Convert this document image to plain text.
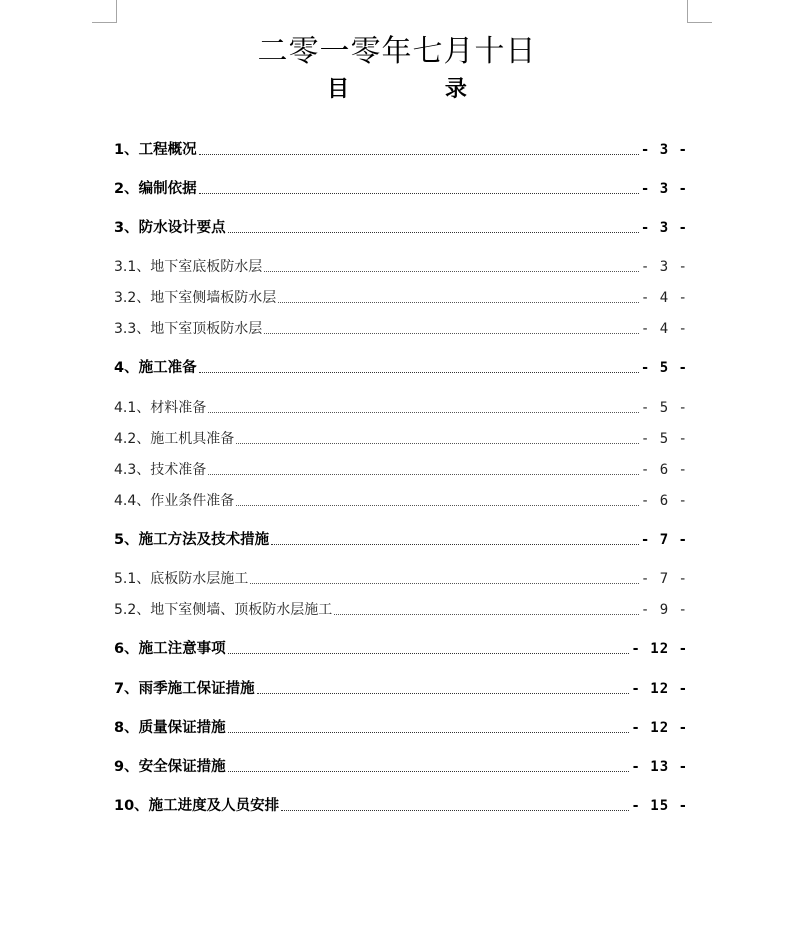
二零一零年七月十日
目 录
1、工程概况	- 3 -
2、编制依据	- 3 -
3、防水设计要点	- 3 -
3.1、地下室底板防水层	- 3 -
3.2、地下室侧墙板防水层	- 4 -
3.3、地下室顶板防水层	- 4 -
4、施工准备	- 5 -
4.1、材料准备	- 5 -
4.2、施工机具准备	- 5 -
4.3、技术准备	- 6 -
4.4、作业条件准备	- 6 -
5、施工方法及技术措施	- 7 -
5.1、底板防水层施工	- 7 -
5.2、地下室侧墙、顶板防水层施工	- 9 -
6、施工注意事项	- 12 -
7、雨季施工保证措施	- 12 -
8、质量保证措施	- 12 -
9、安全保证措施	- 13 -
10、施工进度及人员安排	- 15 -
